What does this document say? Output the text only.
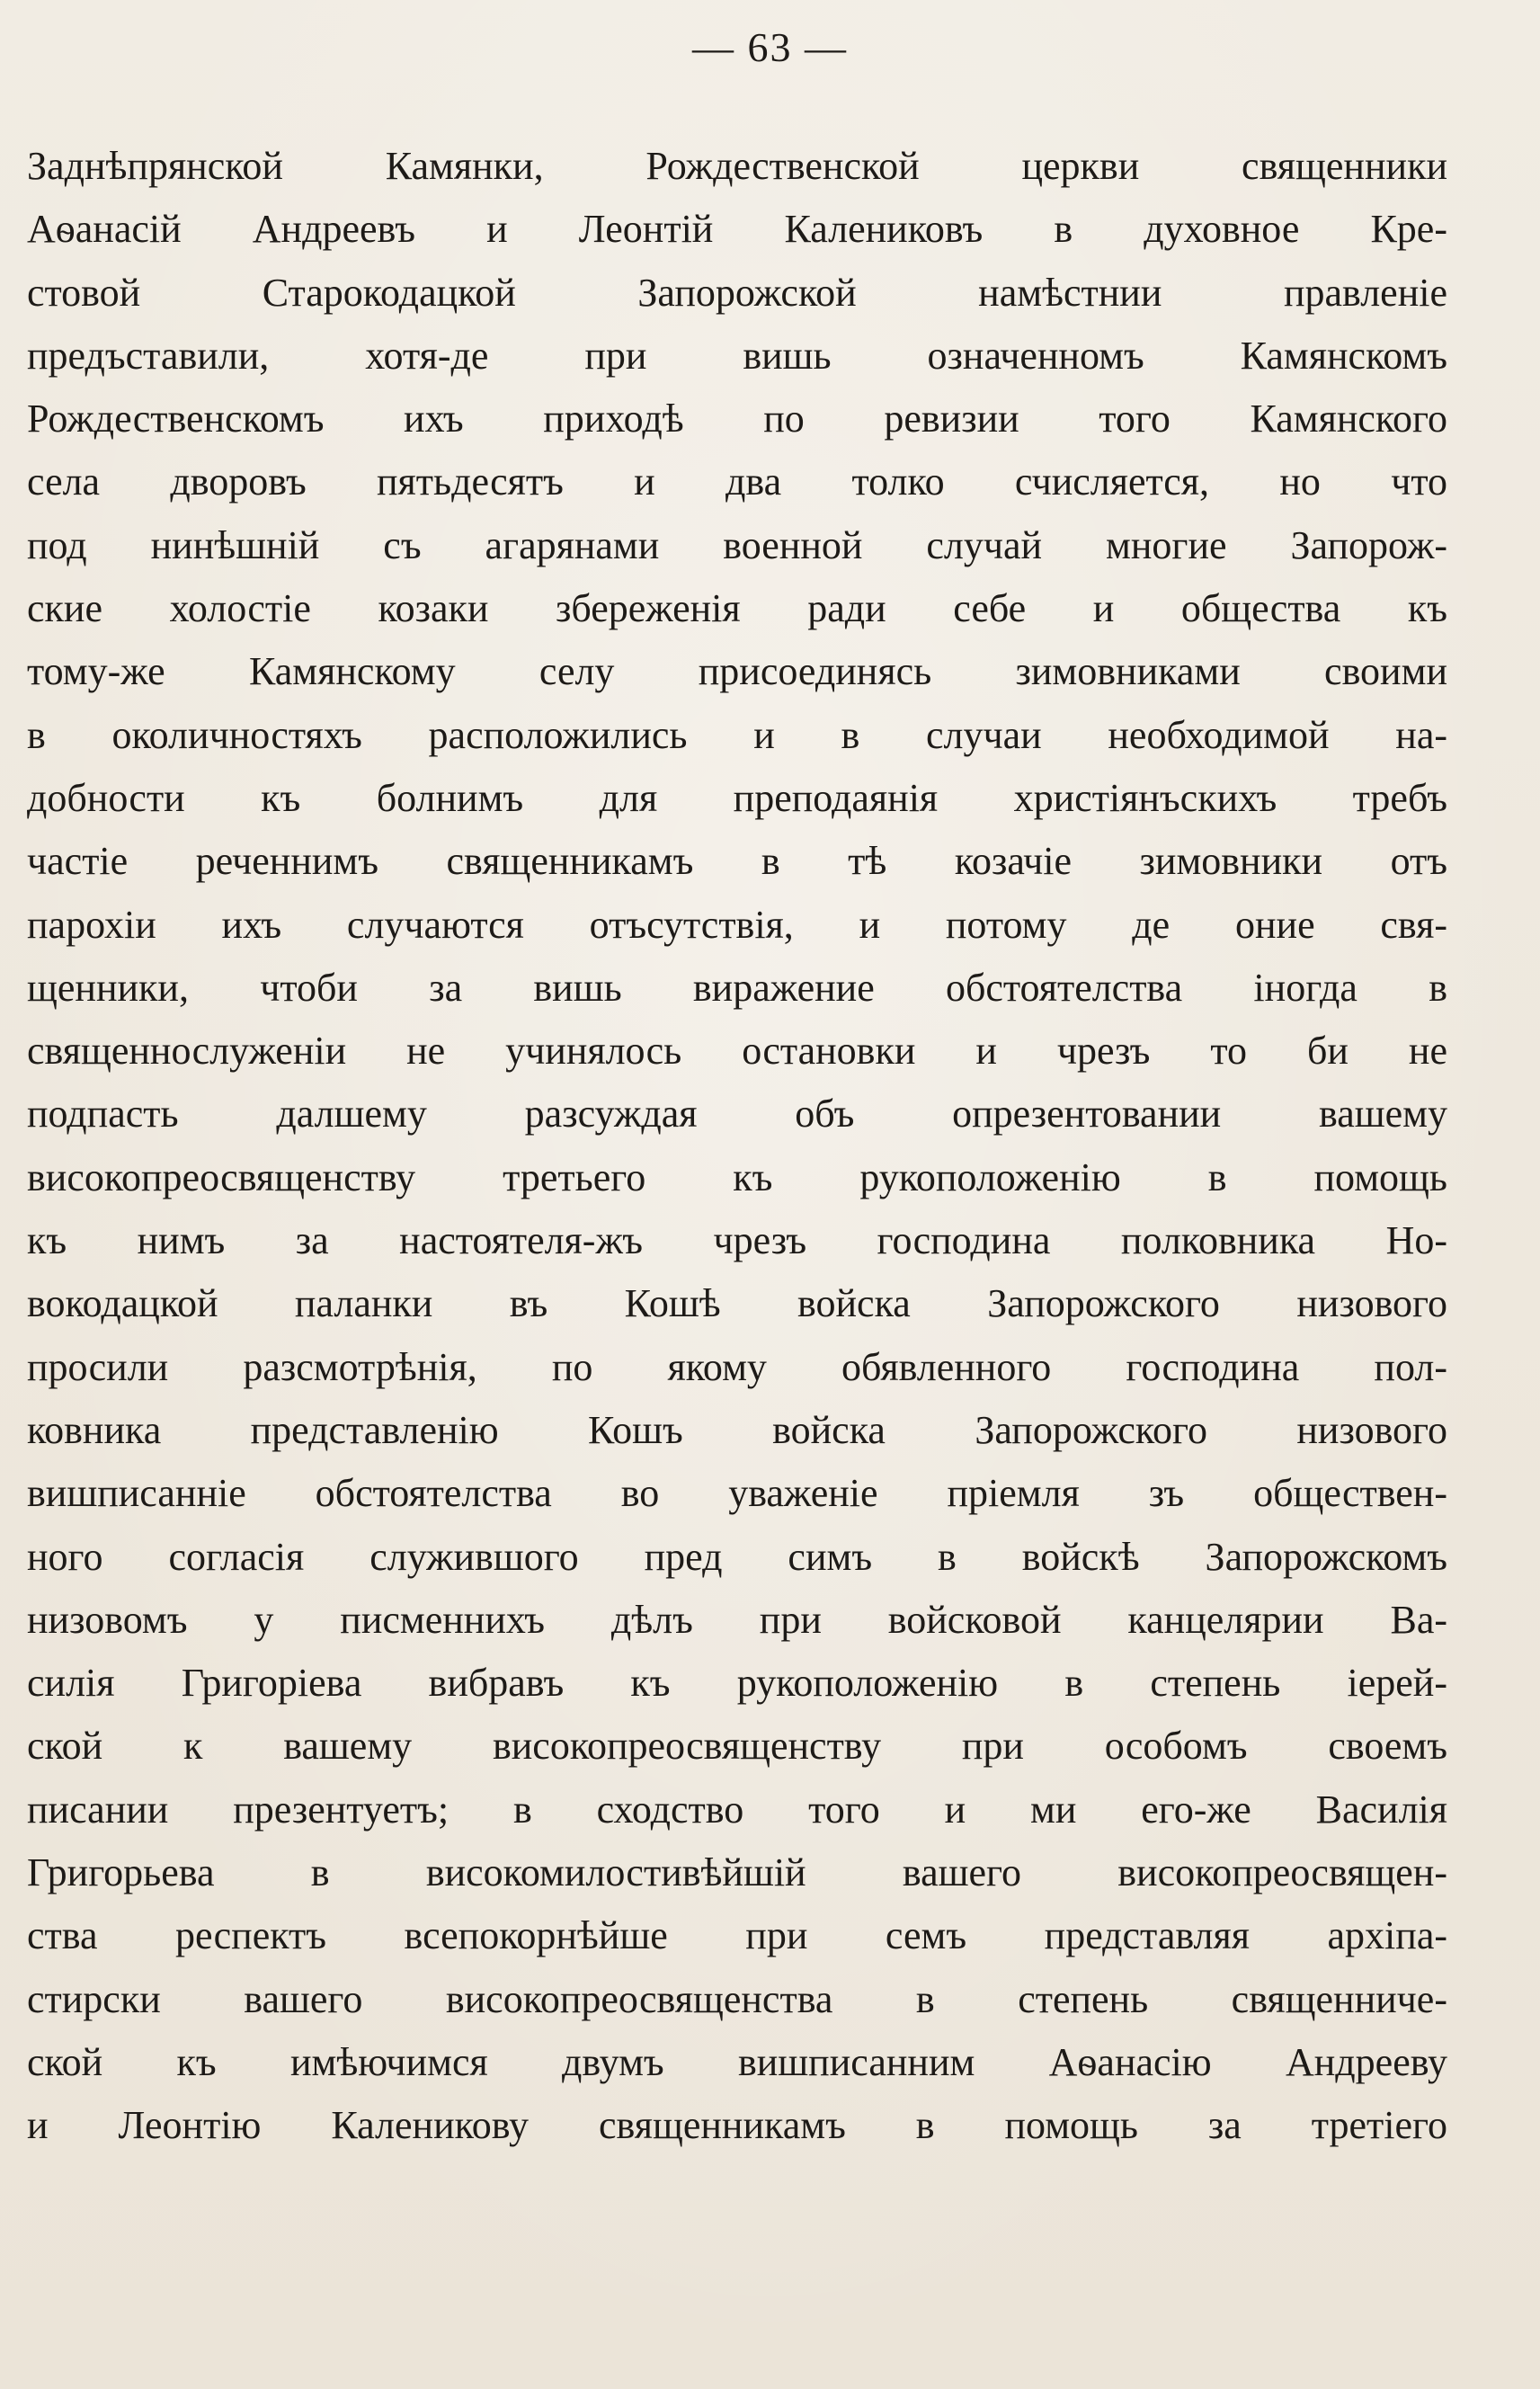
— 63 —
Заднѣпрянской Камянки, Рождественской церкви священники
Аѳанасій Андреевъ и Леонтій Калениковъ в духовное Кре-
стовой Старокодацкой Запорожской намѣстнии правленіе
предъставили, хотя-де при вишь означенномъ Камянскомъ
Рождественскомъ ихъ приходѣ по ревизии того Камянского
села дворовъ пятьдесятъ и два толко счисляется, но что
под нинѣшній съ агарянами военной случай многие Запорож-
ские холостіе козаки збереженія ради себе и общества къ
тому-же Камянскому селу присоединясь зимовниками своими
в околичностяхъ расположились и в случаи необходимой на-
добности къ болнимъ для преподаянія христіянъскихъ требъ
частіе реченнимъ священникамъ в тѣ козачіе зимовники отъ
парохіи ихъ случаются отъсутствія, и потому де оние свя-
щенники, чтоби за вишь виражение обстоятелства іногда в
священнослуженіи не учинялось остановки и чрезъ то би не
подпасть далшему разсуждая объ опрезентовании вашему
високопреосвященству третьего къ рукоположенію в помощь
къ нимъ за настоятеля-жъ чрезъ господина полковника Но-
вокодацкой паланки въ Кошѣ войска Запорожского низового
просили разсмотрѣнія, по якому обявленного господина пол-
ковника представленію Кошъ войска Запорожского низового
вишписанніе обстоятелства во уваженіе пріемля зъ обществен-
ного согласія служившого пред симъ в войскѣ Запорожскомъ
низовомъ у писменнихъ дѣлъ при войсковой канцелярии Ва-
силія Григоріева вибравъ къ рукоположенію в степень іерей-
ской к вашему високопреосвященству при особомъ своемъ
писании презентуетъ; в сходство того и ми его-же Василія
Григорьева в високомилостивѣйшій вашего високопреосвящен-
ства респектъ всепокорнѣйше при семъ представляя архіпа-
стирски вашего високопреосвященства в степень священниче-
ской къ имѣючимся двумъ вишписанним Аѳанасію Андрееву
и Леонтію Каленикову священникамъ в помощь за третіего
